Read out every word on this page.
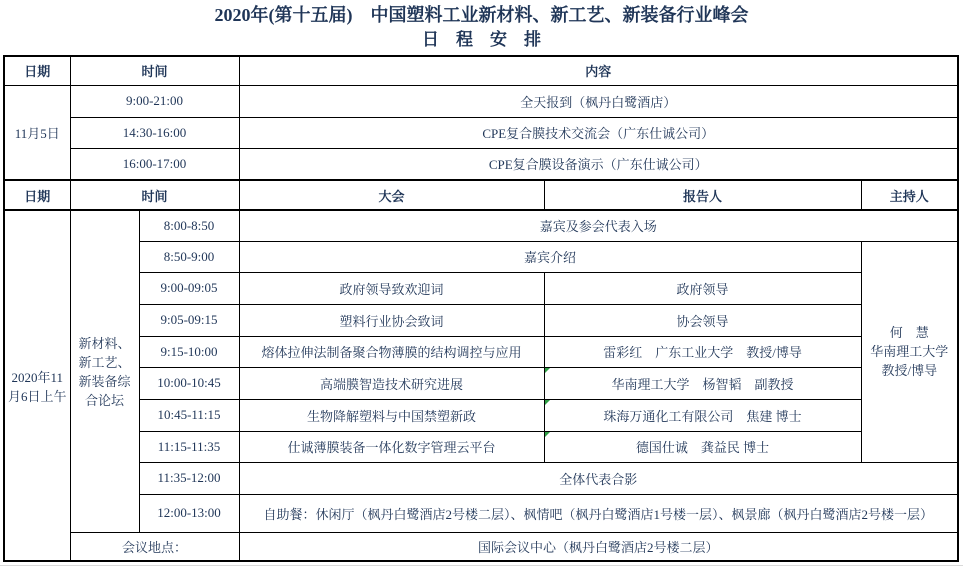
2020年(第十五届)　中国塑料工业新材料、新工艺、新装备行业峰会
日　程　安　排
日期	时间		内容		
11月5日	9:00-21:00		全天报到（枫丹白鹭酒店）		
	14:30-16:00		CPE复合膜技术交流会（广东仕诚公司）		
	16:00-17:00		CPE复合膜设备演示（广东仕诚公司）		
日期	时间		大会	报告人	主持人
2020年11月6日上午	新材料、新工艺、新装备综合论坛	8:00-8:50	嘉宾及参会代表入场		
		8:50-9:00	嘉宾介绍		何　慧
华南理工大学
教授/博导

		9:00-09:05	政府领导致欢迎词	政府领导	
		9:05-09:15	塑料行业协会致词	协会领导	
		9:15-10:00	熔体拉伸法制备聚合物薄膜的结构调控与应用	雷彩红　广东工业大学　教授/博导	
		10:00-10:45	高端膜智造技术研究进展	华南理工大学　杨智韬　副教授	
		10:45-11:15	生物降解塑料与中国禁塑新政	珠海万通化工有限公司　焦建 博士	
		11:15-11:35	仕诚薄膜装备一体化数字管理云平台	德国仕诚　龚益民 博士	
		11:35-12:00	全体代表合影		
		12:00-13:00	自助餐：休闲厅（枫丹白鹭酒店2号楼二层）、枫情吧（枫丹白鹭酒店1号楼一层）、枫景廊（枫丹白鹭酒店2号楼一层）		
	会议地点：		国际会议中心（枫丹白鹭酒店2号楼二层）		
